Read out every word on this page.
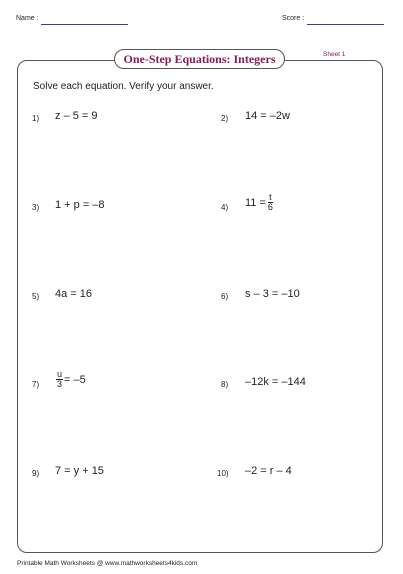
Name :	Score :
One-Step Equations: Integers	Sheet 1
Solve each equation. Verify your answer.
1) z – 5 = 9	2) 14 = –2w
3) 1 + p = –8	4) $11 = \frac{t}{6}$
5) 4a = 16	6) s – 3 = –10
$7) \frac{u}{3} = -5$	8) –12k = –144
9) 7 = y + 15	10) –2 = r – 4
Printable Math Worksheets @ www.mathworksheets4kids.com
